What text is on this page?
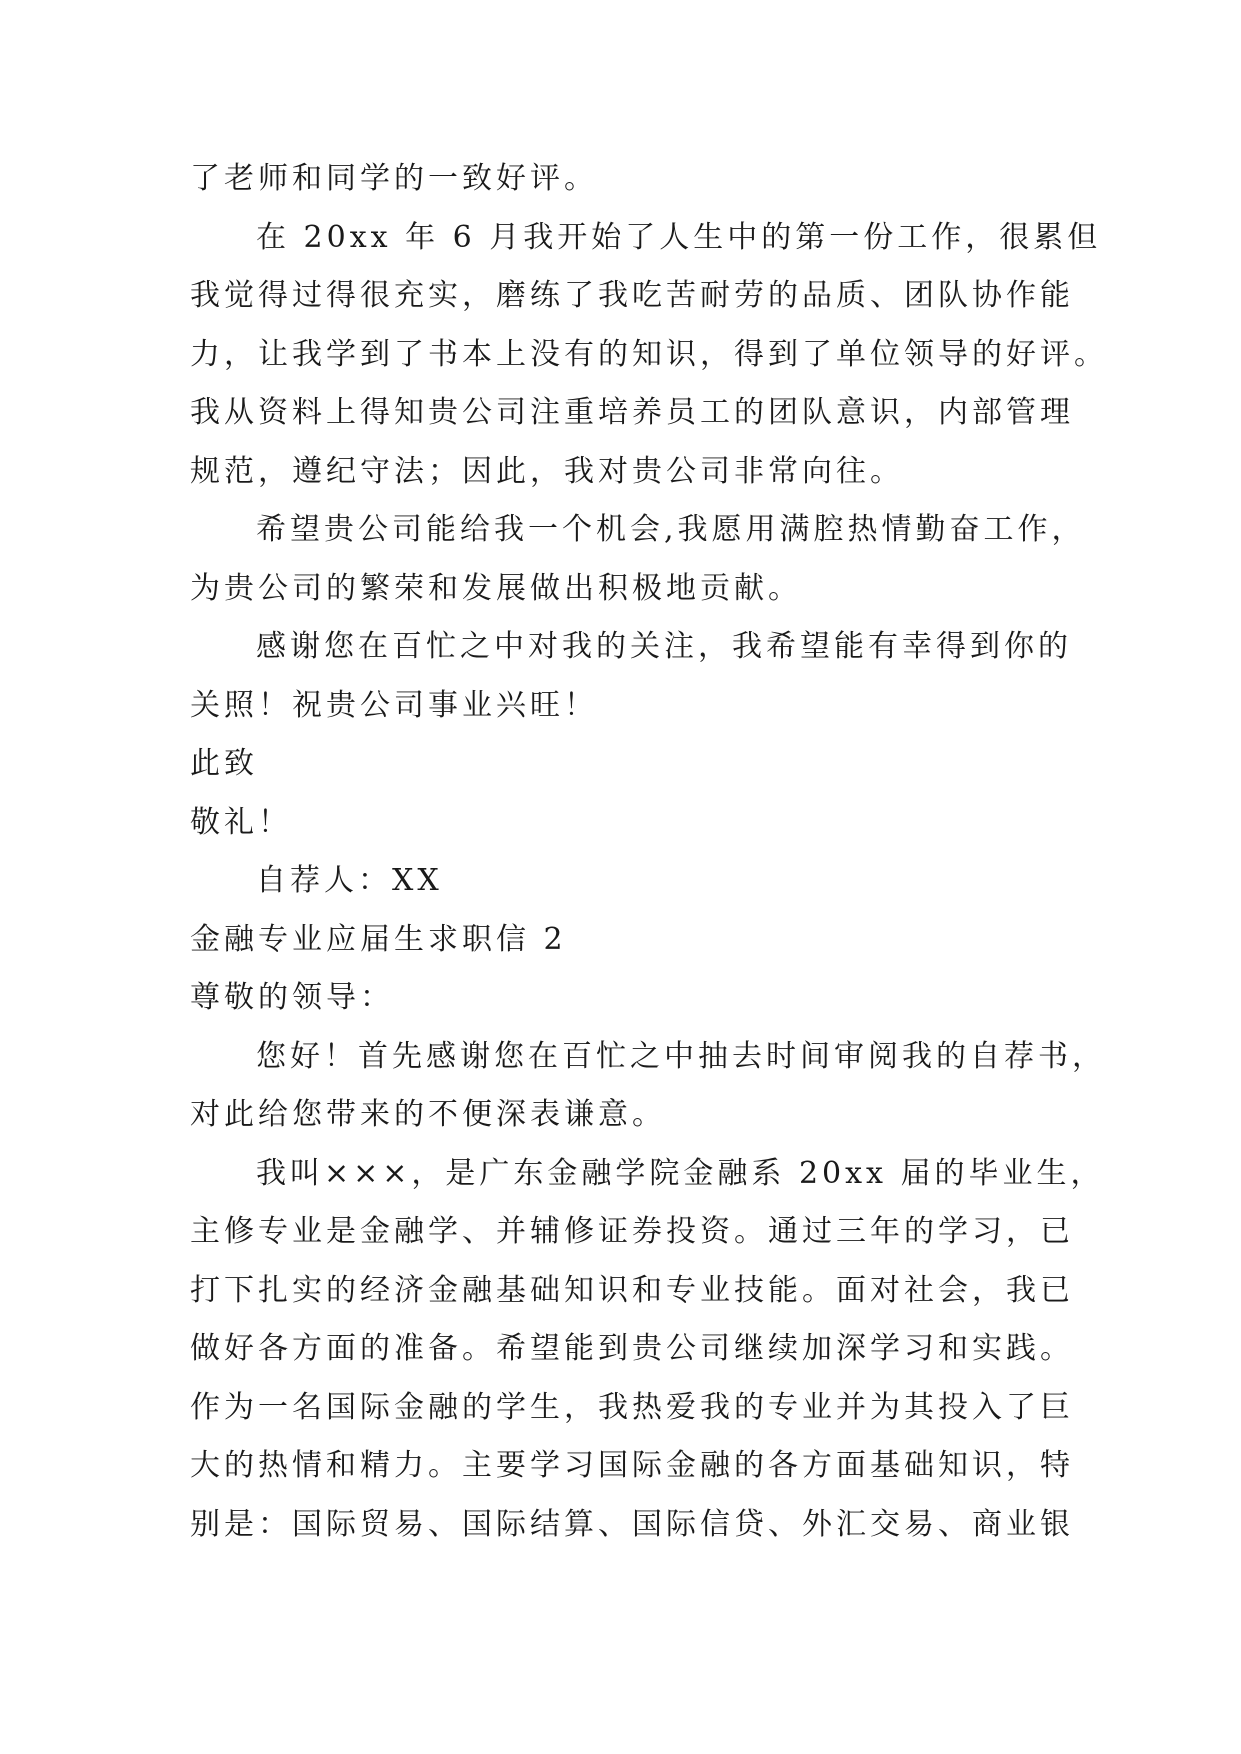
了老师和同学的一致好评。
在 20xx 年 6 月我开始了人生中的第一份工作，很累但
我觉得过得很充实，磨练了我吃苦耐劳的品质、团队协作能
力，让我学到了书本上没有的知识，得到了单位领导的好评。
我从资料上得知贵公司注重培养员工的团队意识，内部管理
规范，遵纪守法；因此，我对贵公司非常向往。
希望贵公司能给我一个机会,我愿用满腔热情勤奋工作，
为贵公司的繁荣和发展做出积极地贡献。
感谢您在百忙之中对我的关注，我希望能有幸得到你的
关照！祝贵公司事业兴旺！
此致
敬礼！
自荐人：XX
金融专业应届生求职信 2
尊敬的领导：
您好！首先感谢您在百忙之中抽去时间审阅我的自荐书，
对此给您带来的不便深表谦意。
我叫×××，是广东金融学院金融系 20xx 届的毕业生，
主修专业是金融学、并辅修证券投资。通过三年的学习，已
打下扎实的经济金融基础知识和专业技能。面对社会，我已
做好各方面的准备。希望能到贵公司继续加深学习和实践。
作为一名国际金融的学生，我热爱我的专业并为其投入了巨
大的热情和精力。主要学习国际金融的各方面基础知识，特
别是：国际贸易、国际结算、国际信贷、外汇交易、商业银
